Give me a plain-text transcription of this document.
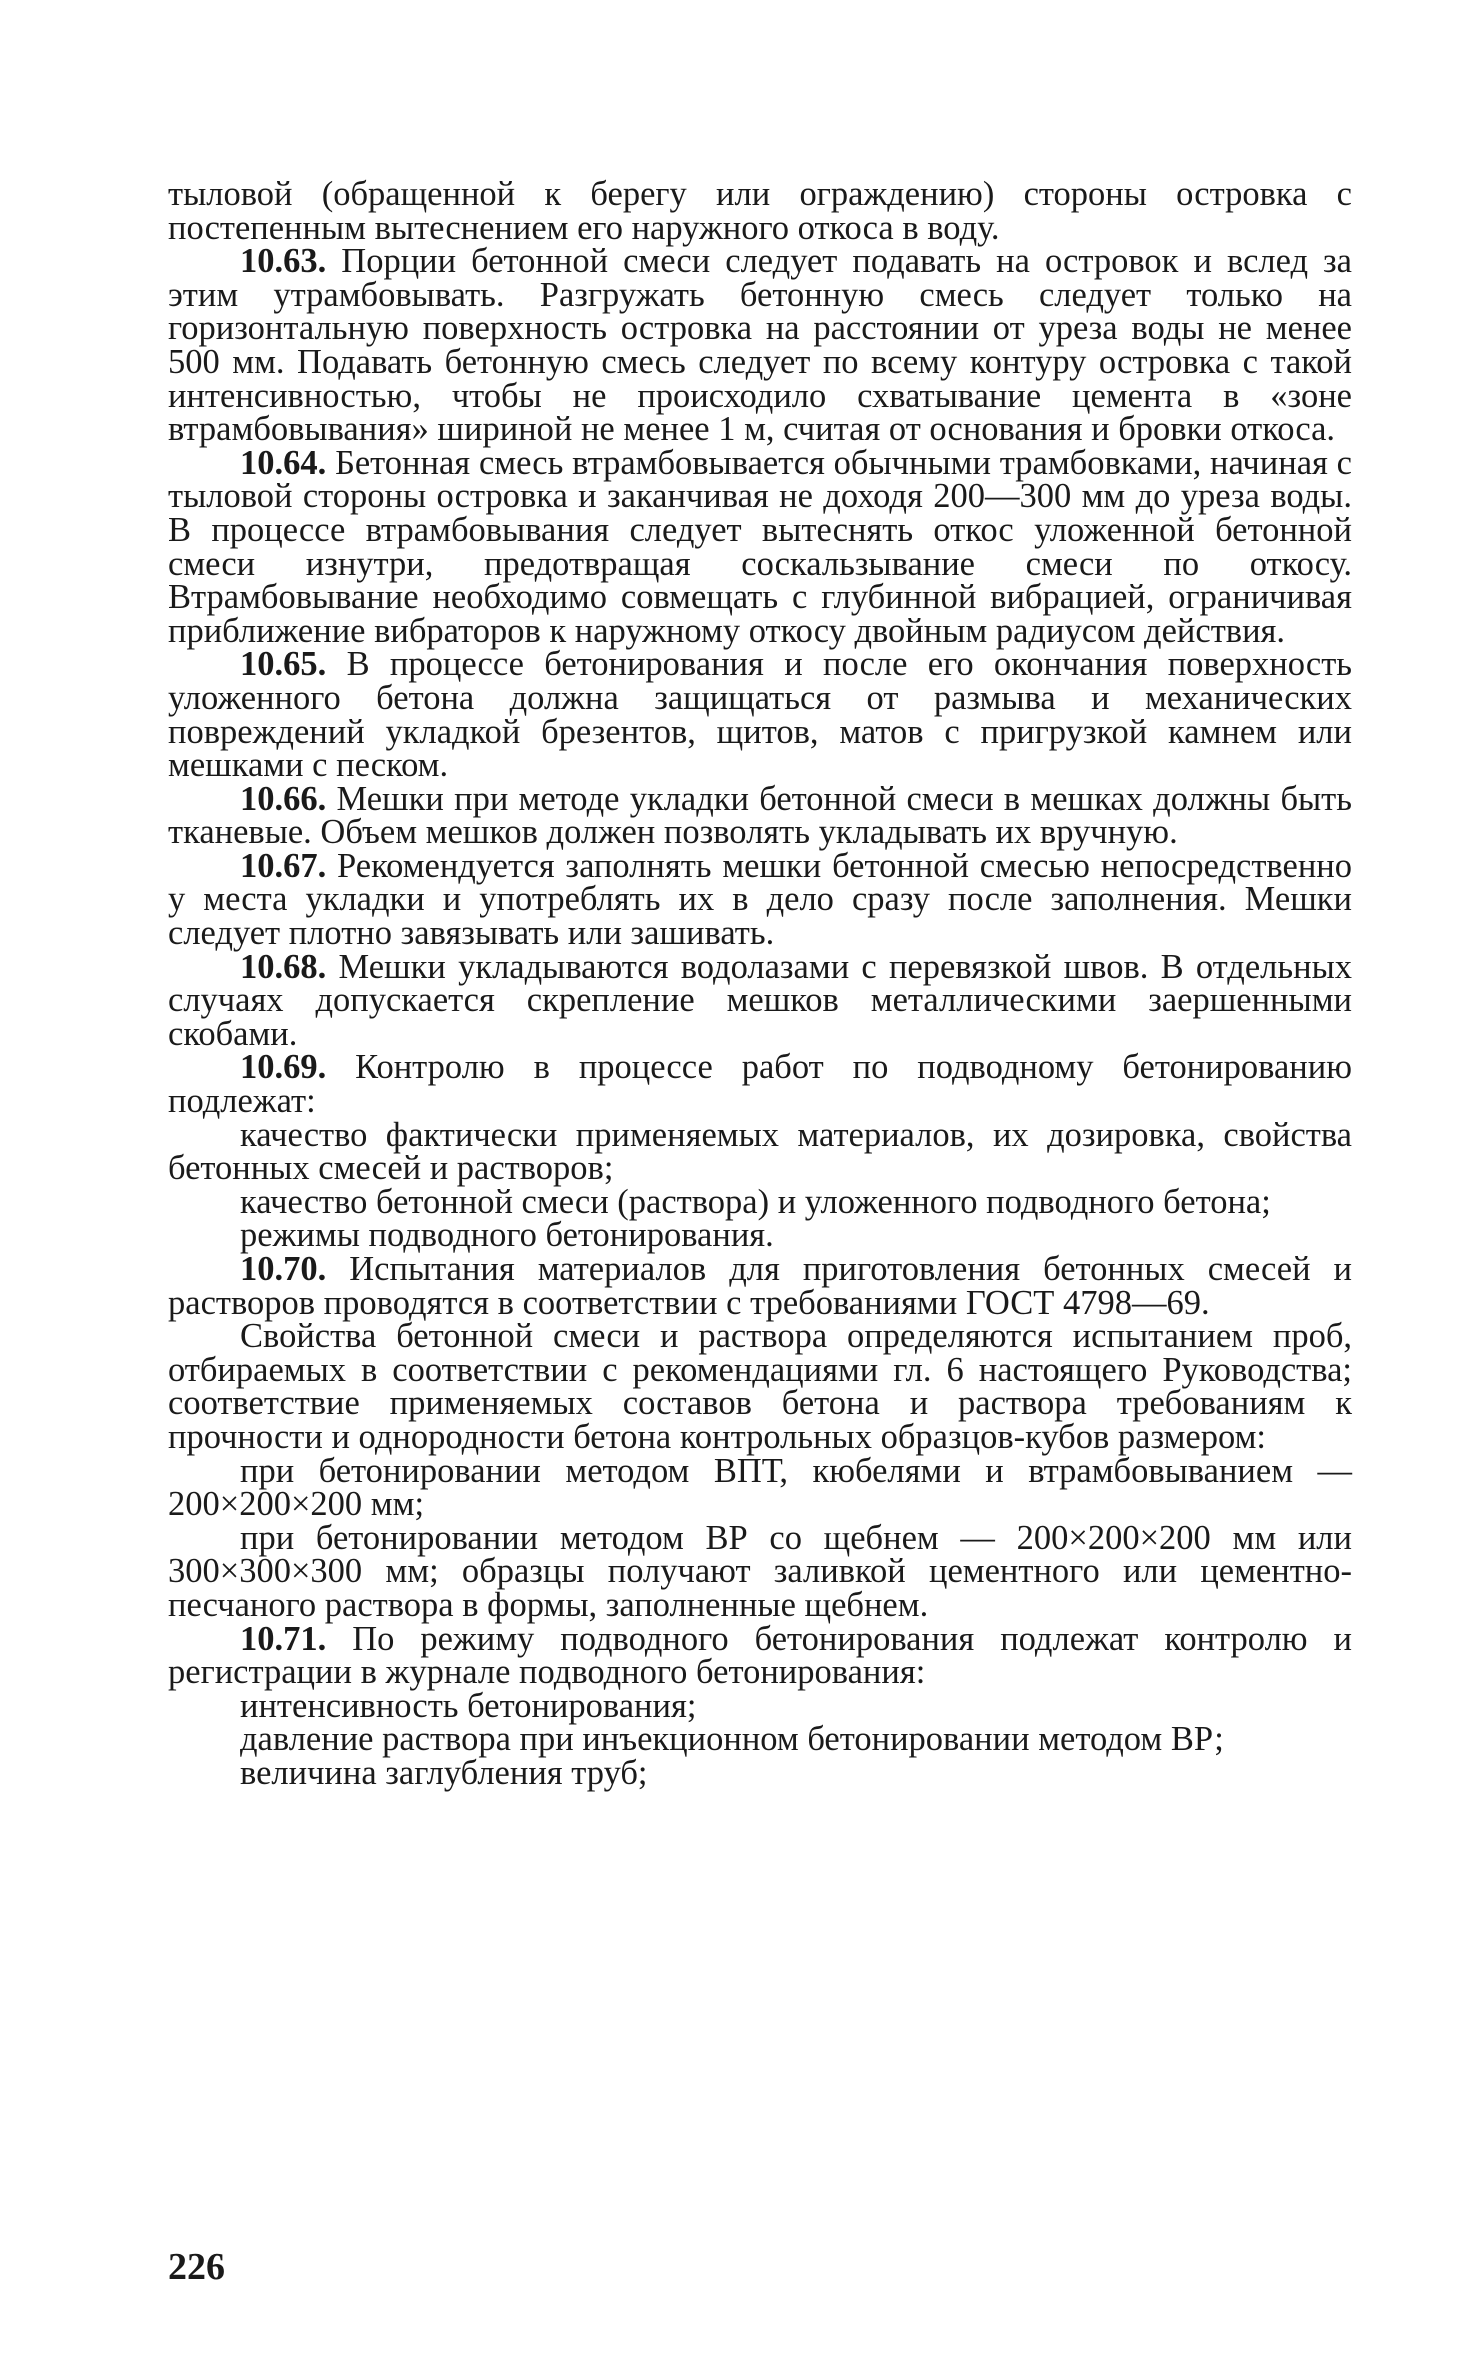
тыловой (обращенной к берегу или ограждению) стороны островка с постепенным вытеснением его наружного откоса в воду.

10.63. Порции бетонной смеси следует подавать на островок и вслед за этим утрамбовывать. Разгружать бетонную смесь следует только на горизонтальную поверхность островка на расстоянии от уреза воды не менее 500 мм. Подавать бетонную смесь следует по всему контуру островка с такой интенсивностью, чтобы не происходило схватывание цемента в «зоне втрамбовывания» шириной не менее 1 м, считая от основания и бровки откоса.

10.64. Бетонная смесь втрамбовывается обычными трамбовками, начиная с тыловой стороны островка и заканчивая не доходя 200—300 мм до уреза воды. В процессе втрамбовывания следует вытеснять откос уложенной бетонной смеси изнутри, предотвращая соскальзывание смеси по откосу. Втрамбовывание необходимо совмещать с глубинной вибрацией, ограничивая приближение вибраторов к наружному откосу двойным радиусом действия.

10.65. В процессе бетонирования и после его окончания поверхность уложенного бетона должна защищаться от размыва и механических повреждений укладкой брезентов, щитов, матов с пригрузкой камнем или мешками с песком.

10.66. Мешки при методе укладки бетонной смеси в мешках должны быть тканевые. Объем мешков должен позволять укладывать их вручную.

10.67. Рекомендуется заполнять мешки бетонной смесью непосредственно у места укладки и употреблять их в дело сразу после заполнения. Мешки следует плотно завязывать или зашивать.

10.68. Мешки укладываются водолазами с перевязкой швов. В отдельных случаях допускается скрепление мешков металлическими заершенными скобами.

10.69. Контролю в процессе работ по подводному бетонированию подлежат:

качество фактически применяемых материалов, их дозировка, свойства бетонных смесей и растворов;

качество бетонной смеси (раствора) и уложенного подводного бетона;

режимы подводного бетонирования.

10.70. Испытания материалов для приготовления бетонных смесей и растворов проводятся в соответствии с требованиями ГОСТ 4798—69.

Свойства бетонной смеси и раствора определяются испытанием проб, отбираемых в соответствии с рекомендациями гл. 6 настоящего Руководства; соответствие применяемых составов бетона и раствора требованиям к прочности и однородности бетона контрольных образцов-кубов размером:

при бетонировании методом ВПТ, кюбелями и втрамбовыванием — 200×200×200 мм;

при бетонировании методом ВР со щебнем — 200×200×200 мм или 300×300×300 мм; образцы получают заливкой цементного или цементно-песчаного раствора в формы, заполненные щебнем.

10.71. По режиму подводного бетонирования подлежат контролю и регистрации в журнале подводного бетонирования:

интенсивность бетонирования;

давление раствора при инъекционном бетонировании методом ВР;

величина заглубления труб;

226
